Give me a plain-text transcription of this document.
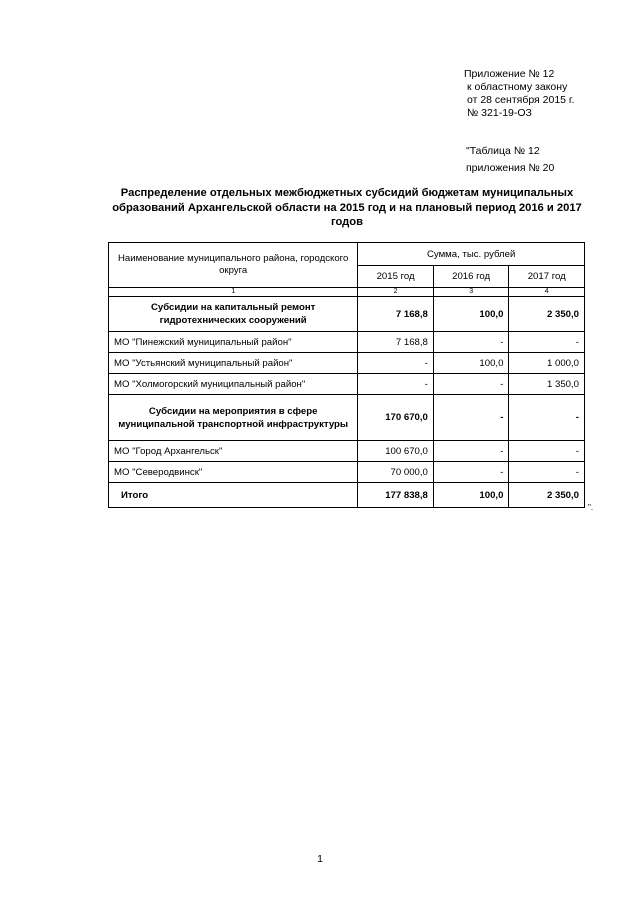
Приложение № 12
к областному закону
от 28 сентября 2015 г.
№ 321-19-ОЗ
"Таблица № 12
приложения № 20
Распределение отдельных межбюджетных субсидий бюджетам муниципальных образований Архангельской области на 2015 год и на плановый период 2016 и 2017 годов
Наименование муниципального района, городского округа	Сумма, тыс. рублей		
	2015 год	2016 год	2017 год
1	2	3	4
Субсидии на капитальный ремонт гидротехнических сооружений	7 168,8	100,0	2 350,0
МО "Пинежский муниципальный район"	7 168,8	-	-
МО "Устьянский муниципальный район"	-	100,0	1 000,0
МО "Холмогорский муниципальный район"	-	-	1 350,0
Субсидии на мероприятия в сфере муниципальной транспортной инфраструктуры	170 670,0	-	-
МО "Город Архангельск"	100 670,0	-	-
МО "Северодвинск"	70 000,0	-	-
Итого	177 838,8	100,0	2 350,0
".
1
